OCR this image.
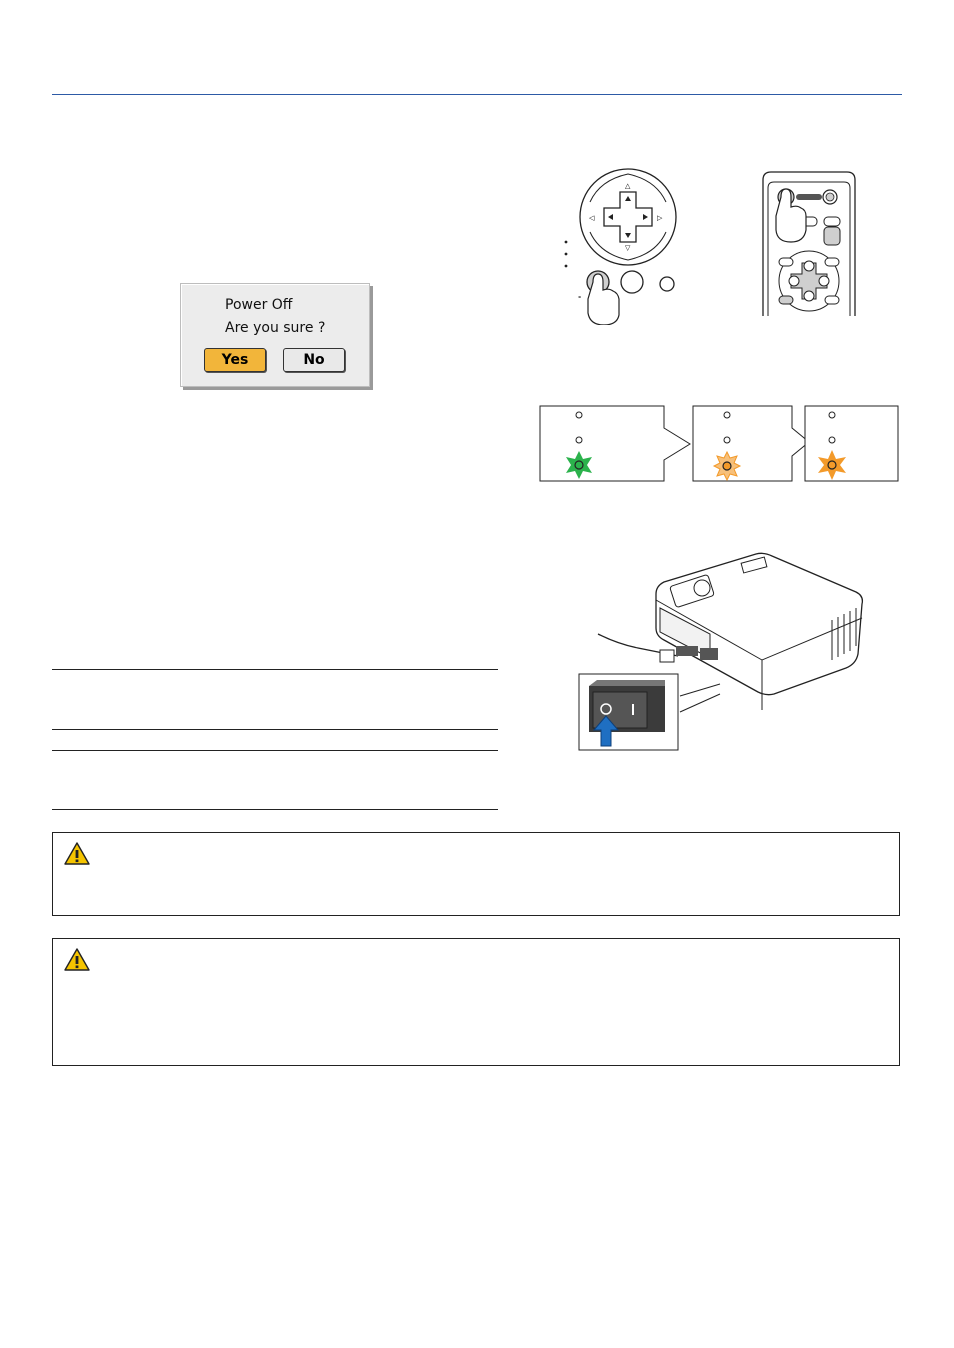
Power Off
Are you sure ?
Yes	No
△
▽
◁	▷
ᐤ
